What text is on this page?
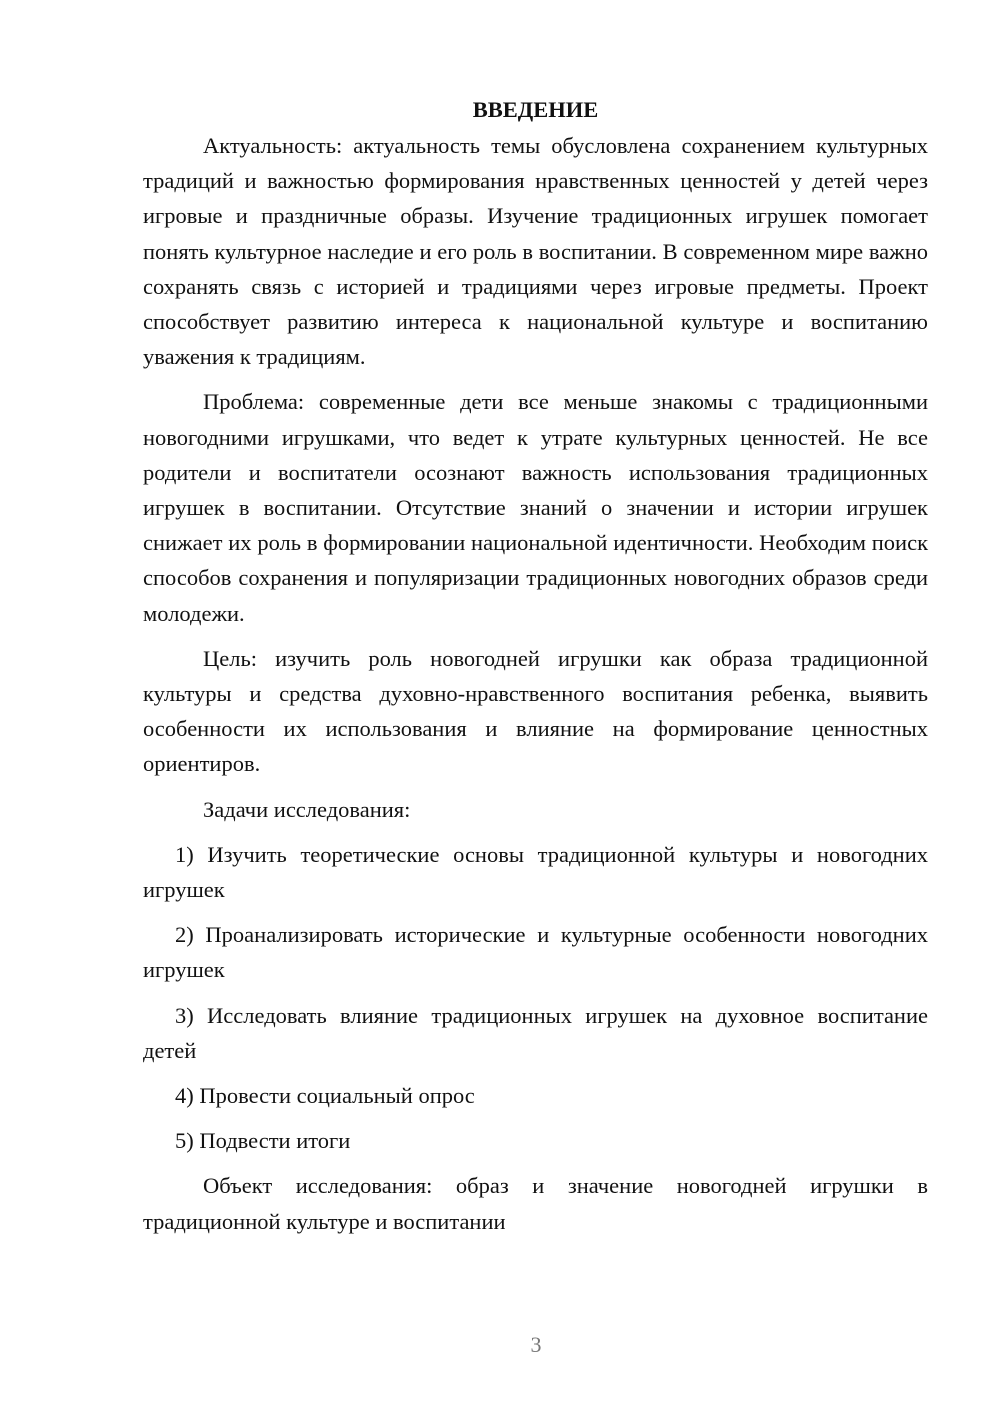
ВВЕДЕНИЕ

Актуальность: актуальность темы обусловлена сохранением культурных традиций и важностью формирования нравственных ценностей у детей через игровые и праздничные образы. Изучение традиционных игрушек помогает понять культурное наследие и его роль в воспитании. В современном мире важно сохранять связь с историей и традициями через игровые предметы. Проект способствует развитию интереса к национальной культуре и воспитанию уважения к традициям.

Проблема: современные дети все меньше знакомы с традиционными новогодними игрушками, что ведет к утрате культурных ценностей. Не все родители и воспитатели осознают важность использования традиционных игрушек в воспитании. Отсутствие знаний о значении и истории игрушек снижает их роль в формировании национальной идентичности. Необходим поиск способов сохранения и популяризации традиционных новогодних образов среди молодежи.

Цель: изучить роль новогодней игрушки как образа традиционной культуры и средства духовно-нравственного воспитания ребенка, выявить особенности их использования и влияние на формирование ценностных ориентиров.

Задачи исследования:

1) Изучить теоретические основы традиционной культуры и новогодних игрушек

2) Проанализировать исторические и культурные особенности новогодних игрушек

3) Исследовать влияние традиционных игрушек на духовное воспитание детей

4) Провести социальный опрос

5) Подвести итоги

Объект исследования: образ и значение новогодней игрушки в традиционной культуре и воспитании

3
